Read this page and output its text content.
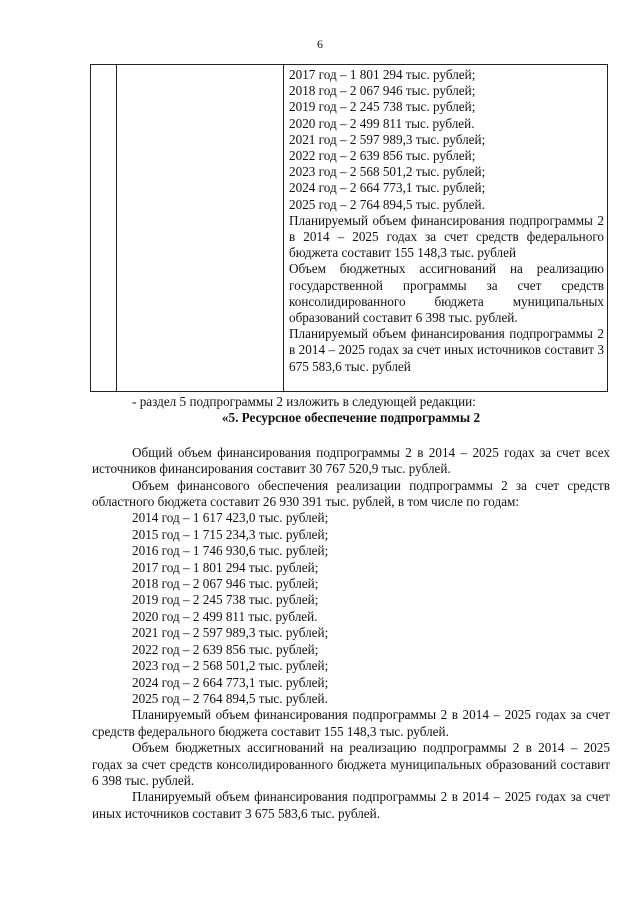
6
2017 год – 1 801 294 тыс. рублей;
2018 год – 2 067 946 тыс. рублей;
2019 год – 2 245 738 тыс. рублей;
2020 год – 2 499 811 тыс. рублей.
2021 год – 2 597 989,3 тыс. рублей;
2022 год – 2 639 856 тыс. рублей;
2023 год – 2 568 501,2 тыс. рублей;
2024 год – 2 664 773,1 тыс. рублей;
2025 год – 2 764 894,5 тыс. рублей.
Планируемый объем финансирования подпрограммы 2 в 2014 – 2025 годах за счет средств федерального бюджета составит 155 148,3 тыс. рублей
Объем бюджетных ассигнований на реализацию государственной программы за счет средств консолидированного бюджета муниципальных образований составит 6 398 тыс. рублей.
Планируемый объем финансирования подпрограммы 2 в 2014 – 2025 годах за счет иных источников составит 3 675 583,6 тыс. рублей
- раздел 5 подпрограммы 2 изложить в следующей редакции:
«5. Ресурсное обеспечение подпрограммы 2
Общий объем финансирования подпрограммы 2 в 2014 – 2025 годах за счет всех источников финансирования составит 30 767 520,9 тыс. рублей.
Объем финансового обеспечения реализации подпрограммы 2 за счет средств областного бюджета составит 26 930 391 тыс. рублей, в том числе по годам:
2014 год – 1 617 423,0 тыс. рублей;
2015 год – 1 715 234,3 тыс. рублей;
2016 год – 1 746 930,6 тыс. рублей;
2017 год – 1 801 294 тыс. рублей;
2018 год – 2 067 946 тыс. рублей;
2019 год – 2 245 738 тыс. рублей;
2020 год – 2 499 811 тыс. рублей.
2021 год – 2 597 989,3 тыс. рублей;
2022 год – 2 639 856 тыс. рублей;
2023 год – 2 568 501,2 тыс. рублей;
2024 год – 2 664 773,1 тыс. рублей;
2025 год – 2 764 894,5 тыс. рублей.
Планируемый объем финансирования подпрограммы 2 в 2014 – 2025 годах за счет средств федерального бюджета составит 155 148,3 тыс. рублей.
Объем бюджетных ассигнований на реализацию подпрограммы 2 в 2014 – 2025 годах за счет средств консолидированного бюджета муниципальных образований составит 6 398 тыс. рублей.
Планируемый объем финансирования подпрограммы 2 в 2014 – 2025 годах за счет иных источников составит 3 675 583,6 тыс. рублей.
